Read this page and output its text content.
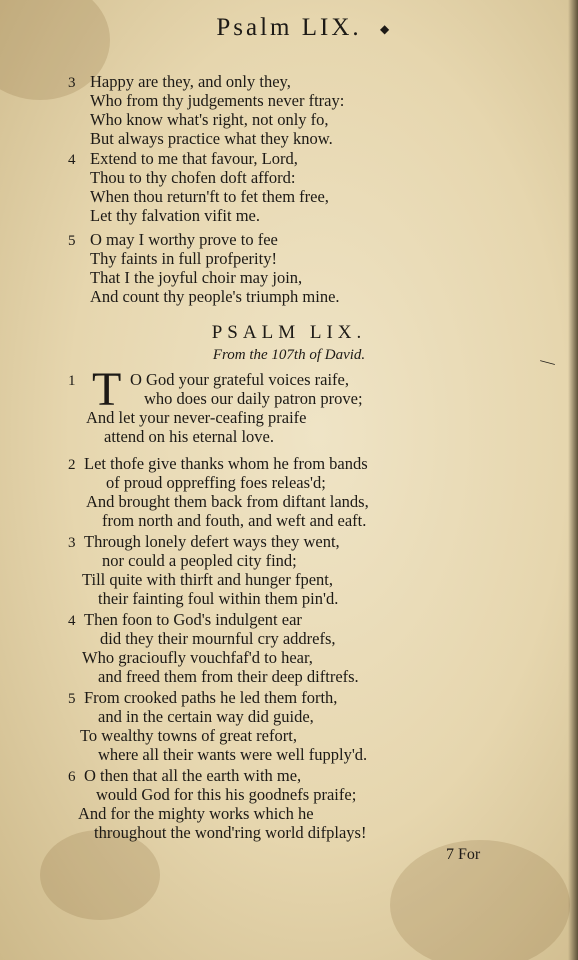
Psalm LIX. ◆
3 Happy are they, and only they,
Who from thy judgements never ftray:
Who know what's right, not only fo,
But always practice what they know.
4 Extend to me that favour, Lord,
Thou to thy chofen doft afford:
When thou return'ft to fet them free,
Let thy falvation vifit me.
5 O may I worthy prove to fee
Thy faints in full profperity!
That I the joyful choir may join,
And count thy people's triumph mine.
PSALM LIX.
From the 107th of David.	—
T
1	O God your grateful voices raife,
who does our daily patron prove;
And let your never-ceafing praife
attend on his eternal love.
2 Let thofe give thanks whom he from bands
of proud oppreffing foes releas'd;
And brought them back from diftant lands,
from north and fouth, and weft and eaft.
3 Through lonely defert ways they went,
nor could a peopled city find;
Till quite with thirft and hunger fpent,
their fainting foul within them pin'd.
4 Then foon to God's indulgent ear
did they their mournful cry addrefs,
Who gracioufly vouchfaf'd to hear,
and freed them from their deep diftrefs.
5 From crooked paths he led them forth,
and in the certain way did guide,
To wealthy towns of great refort,
where all their wants were well fupply'd.
6 O then that all the earth with me,
would God for this his goodnefs praife;
And for the mighty works which he
throughout the wond'ring world difplays!
7 For
